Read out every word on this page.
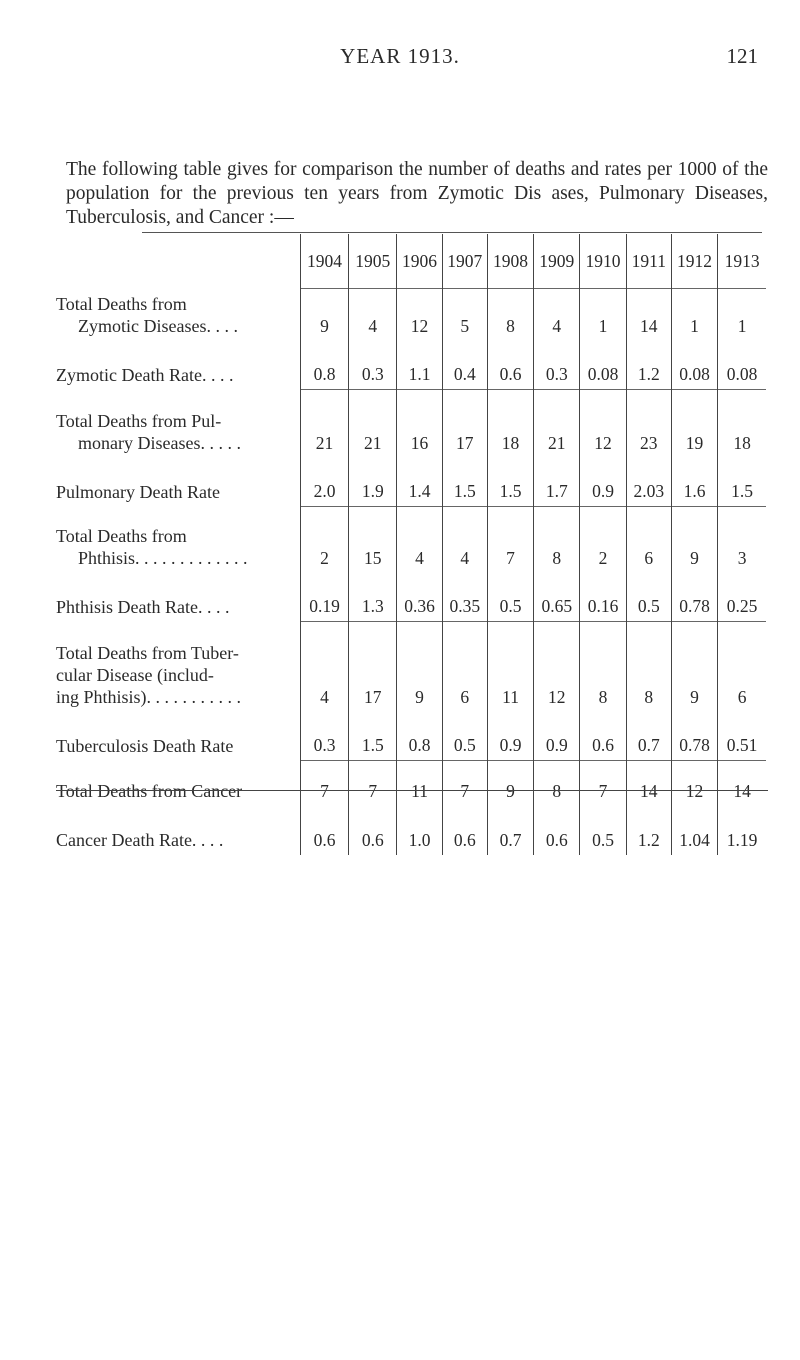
YEAR 1913.	121

The following table gives for comparison the number of deaths and rates per 1000 of the population for the previous ten years from Zymotic Dis ases, Pulmonary Diseases, Tuberculosis, and Cancer :—

	1904	1905	1906	1907	1908	1909	1910	1911	1912	1913

Total Deaths from
Zymotic Diseases. . . .	9	4	12	5	8	4	1	14	1	1

Zymotic Death Rate. . . .	0.8	0.3	1.1	0.4	0.6	0.3	0.08	1.2	0.08	0.08

Total Deaths from Pul-
monary Diseases. . . . .	21	21	16	17	18	21	12	23	19	18

Pulmonary Death Rate	2.0	1.9	1.4	1.5	1.5	1.7	0.9	2.03	1.6	1.5

Total Deaths from
Phthisis. . . . . . . . . . . . .	2	15	4	4	7	8	2	6	9	3

Phthisis Death Rate. . . .	0.19	1.3	0.36	0.35	0.5	0.65	0.16	0.5	0.78	0.25

Total Deaths from Tuber-
cular Disease (includ-
ing Phthisis). . . . . . . . . . .	4	17	9	6	11	12	8	8	9	6

Tuberculosis Death Rate	0.3	1.5	0.8	0.5	0.9	0.9	0.6	0.7	0.78	0.51

Total Deaths from Cancer	7	7	11	7	9	8	7	14	12	14

Cancer Death Rate. . . .	0.6	0.6	1.0	0.6	0.7	0.6	0.5	1.2	1.04	1.19
